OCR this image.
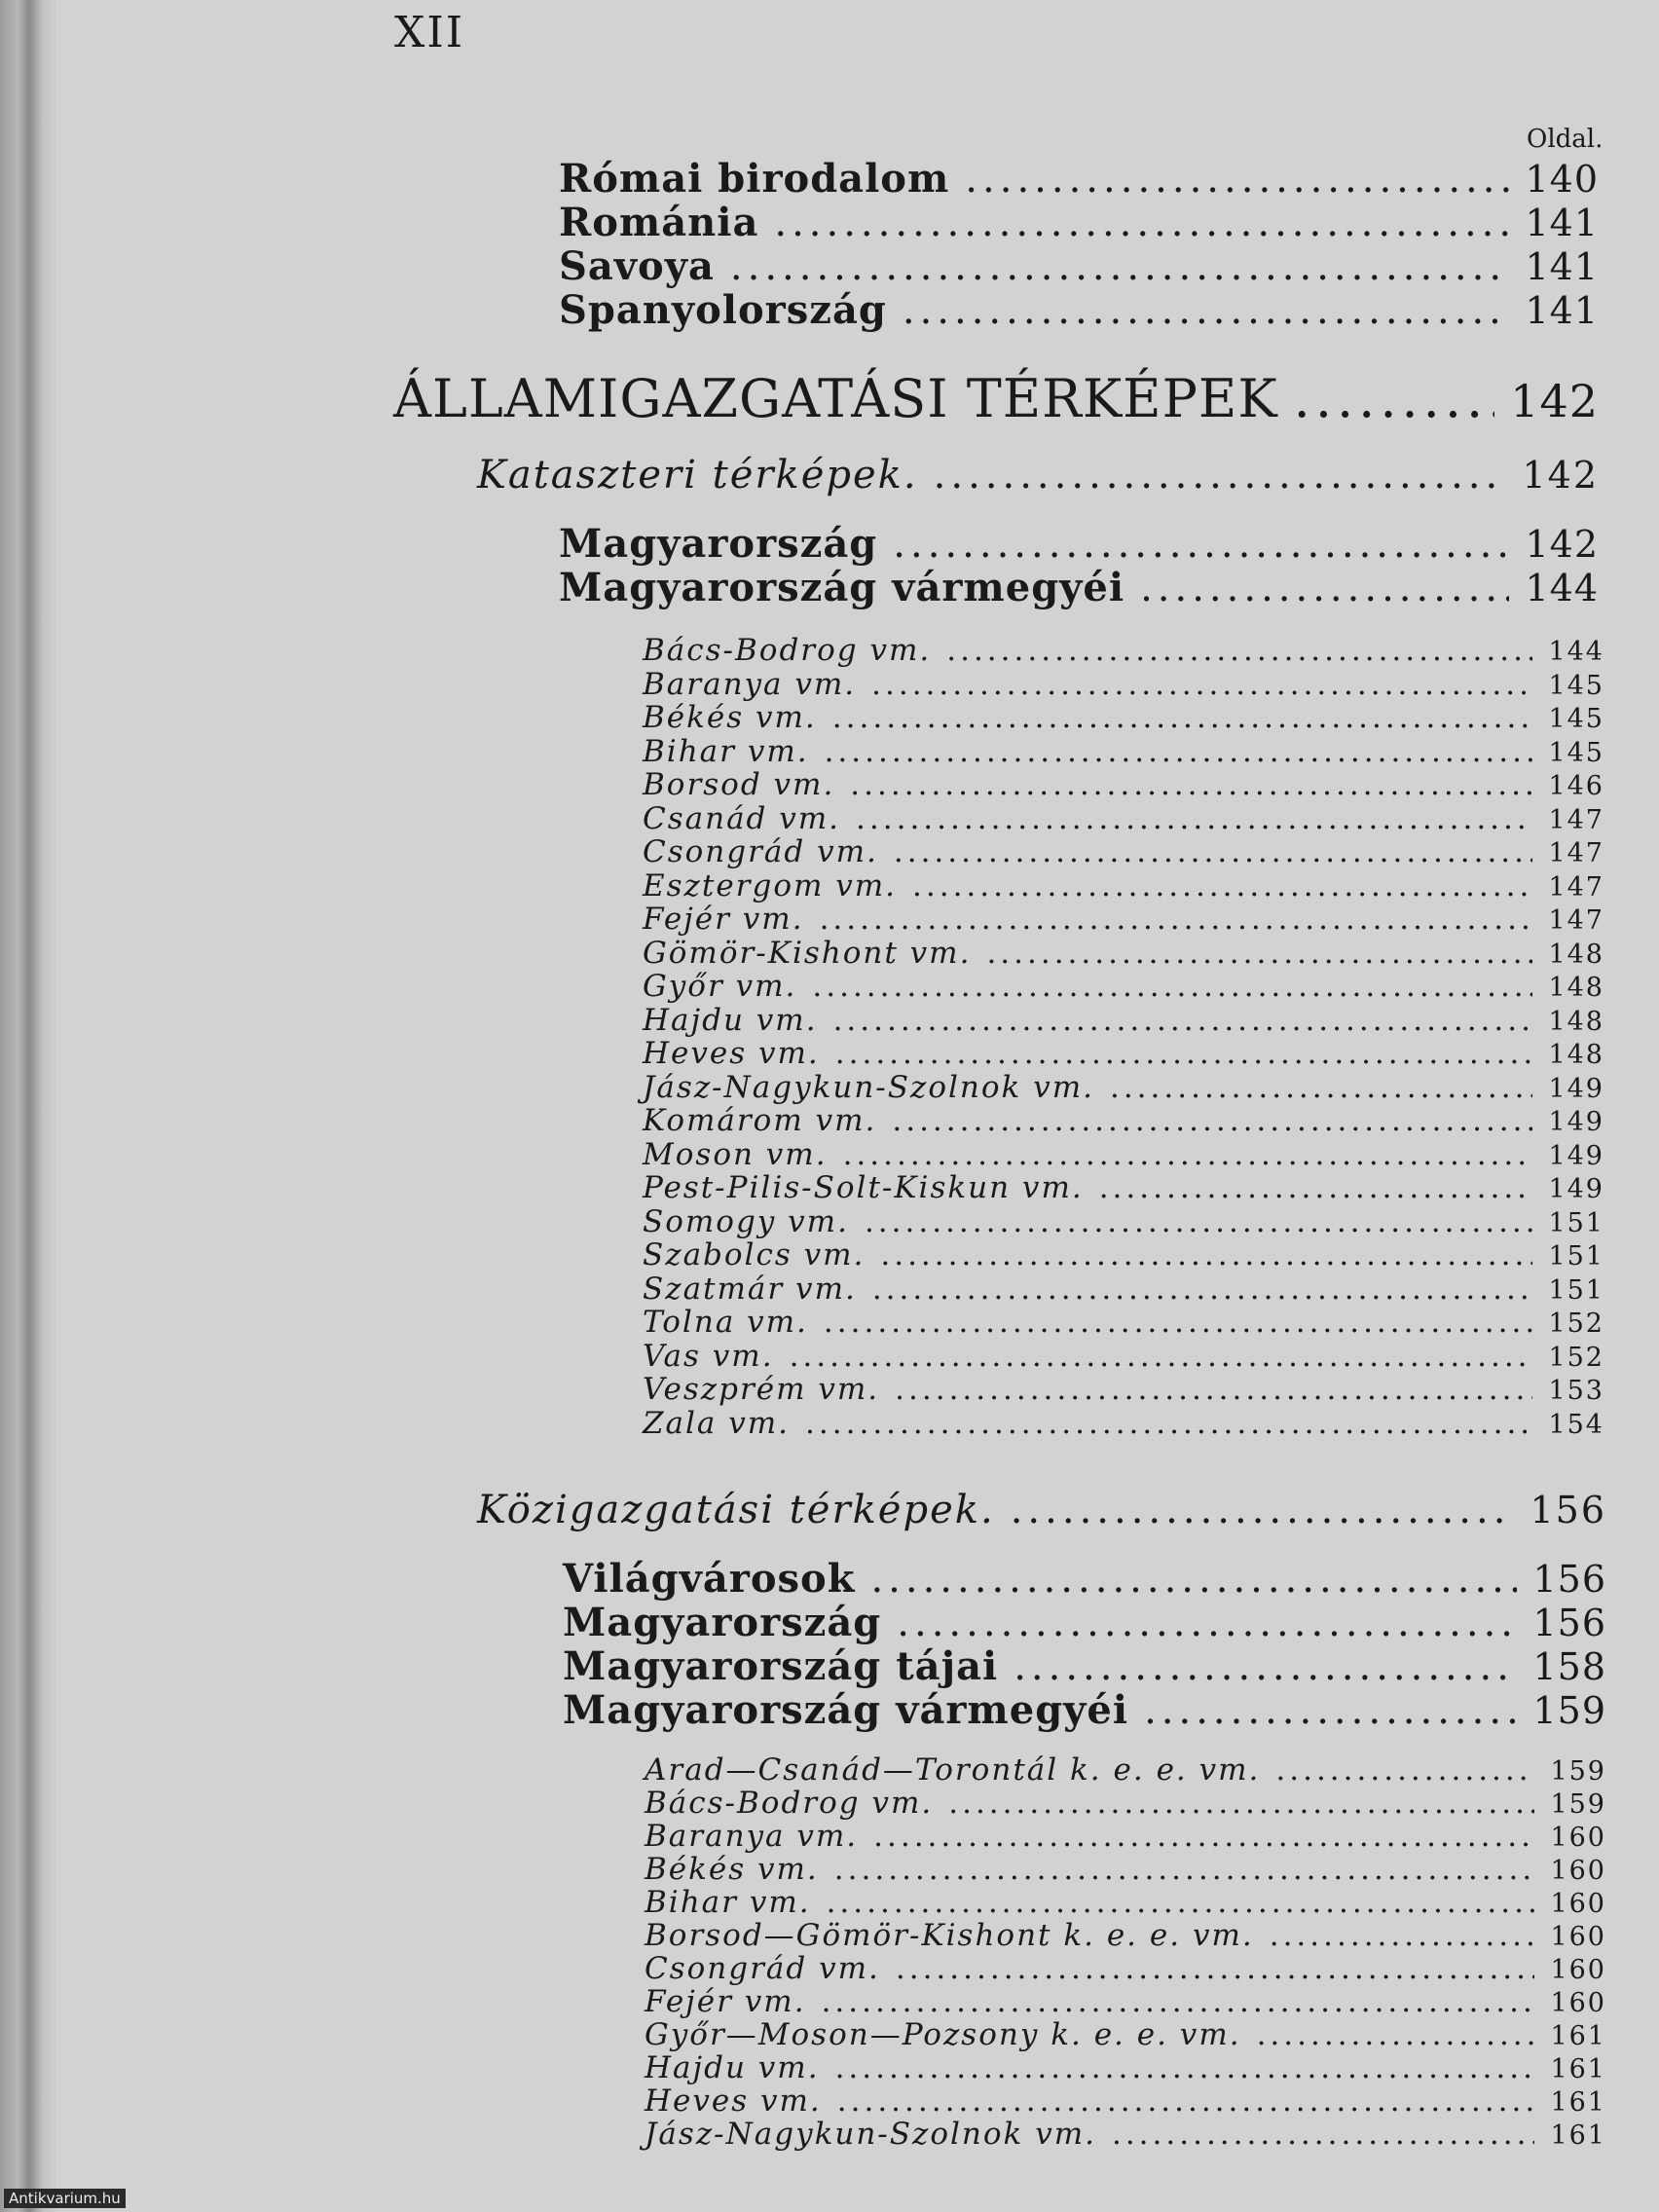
XII
Oldal.
Római birodalom .....	140
Románia .....	141
Savoya .....	141
Spanyolország .....	141
ÁLLAMIGAZGATÁSI TÉRKÉPEK .....	142
Kataszteri térképek. .....	142
Magyarország .....	142
Magyarország vármegyéi .....	144
Bács-Bodrog vm. .....	144
Baranya vm. .....	145
Békés vm. .....	145
Bihar vm. .....	145
Borsod vm. .....	146
Csanád vm. .....	147
Csongrád vm. .....	147
Esztergom vm. .....	147
Fejér vm. .....	147
Gömör-Kishont vm. .....	148
Győr vm. .....	148
Hajdu vm. .....	148
Heves vm. .....	148
Jász-Nagykun-Szolnok vm. .....	149
Komárom vm. .....	149
Moson vm. .....	149
Pest-Pilis-Solt-Kiskun vm. .....	149
Somogy vm. .....	151
Szabolcs vm. .....	151
Szatmár vm. .....	151
Tolna vm. .....	152
Vas vm. .....	152
Veszprém vm. .....	153
Zala vm. .....	154
Közigazgatási térképek. .....	156
Világvárosok .....	156
Magyarország .....	156
Magyarország tájai .....	158
Magyarország vármegyéi .....	159
Arad—Csanád—Torontál k. e. e. vm. .....	159
Bács-Bodrog vm. .....	159
Baranya vm. .....	160
Békés vm. .....	160
Bihar vm. .....	160
Borsod—Gömör-Kishont k. e. e. vm. .....	160
Csongrád vm. .....	160
Fejér vm. .....	160
Győr—Moson—Pozsony k. e. e. vm. .....	161
Hajdu vm. .....	161
Heves vm. .....	161
Jász-Nagykun-Szolnok vm. .....	161
Antikvarium.hu
